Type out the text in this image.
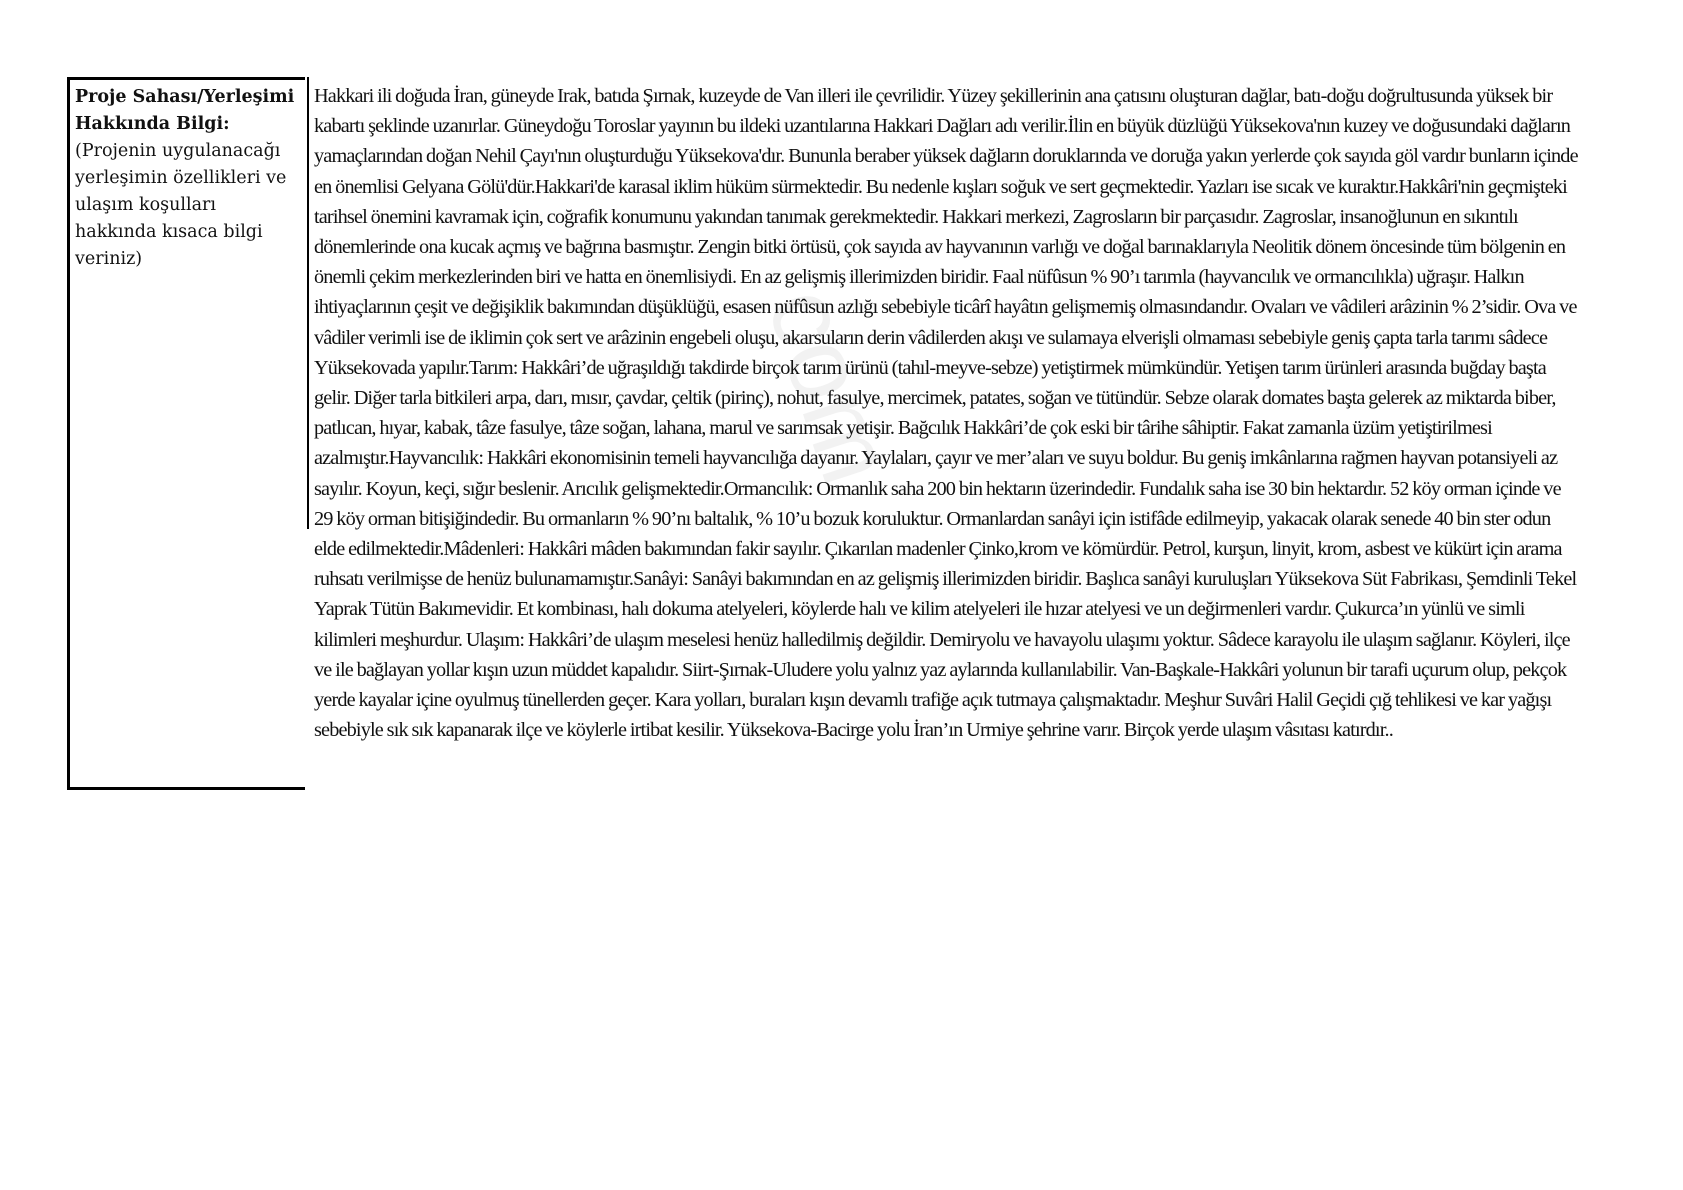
Proje Sahası/Yerleşimi Hakkında Bilgi:

(Projenin uygulanacağı yerleşimin özellikleri ve ulaşım koşulları hakkında kısaca bilgi veriniz)

Hakkari ili doğuda İran, güneyde Irak, batıda Şırnak, kuzeyde de Van illeri ile çevrilidir. Yüzey şekillerinin ana çatısını oluşturan dağlar, batı-doğu doğrultusunda yüksek bir kabartı şeklinde uzanırlar. Güneydoğu Toroslar yayının bu ildeki uzantılarına Hakkari Dağları adı verilir.İlin en büyük düzlüğü Yüksekova'nın kuzey ve doğusundaki dağların yamaçlarından doğan Nehil Çayı'nın oluşturduğu Yüksekova'dır. Bununla beraber yüksek dağların doruklarında ve doruğa yakın yerlerde çok sayıda göl vardır bunların içinde en önemlisi Gelyana Gölü'dür.Hakkari'de karasal iklim hüküm sürmektedir. Bu nedenle kışları soğuk ve sert geçmektedir. Yazları ise sıcak ve kuraktır.Hakkâri'nin geçmişteki tarihsel önemini kavramak için, coğrafik konumunu yakından tanımak gerekmektedir. Hakkari merkezi, Zagrosların bir parçasıdır. Zagroslar, insanoğlunun en sıkıntılı dönemlerinde ona kucak açmış ve bağrına basmıştır. Zengin bitki örtüsü, çok sayıda av hayvanının varlığı ve doğal barınaklarıyla Neolitik dönem öncesinde tüm bölgenin en önemli çekim merkezlerinden biri ve hatta en önemlisiydi. En az gelişmiş illerimizden biridir. Faal nüfûsun % 90’ı tarımla (hayvancılık ve ormancılıkla) uğraşır. Halkın ihtiyaçlarının çeşit ve değişiklik bakımından düşüklüğü, esasen nüfûsun azlığı sebebiyle ticârî hayâtın gelişmemiş olmasındandır. Ovaları ve vâdileri arâzinin % 2’sidir. Ova ve vâdiler verimli ise de iklimin çok sert ve arâzinin engebeli oluşu, akarsuların derin vâdilerden akışı ve sulamaya elverişli olmaması sebebiyle geniş çapta tarla tarımı sâdece Yüksekovada yapılır.Tarım: Hakkâri’de uğraşıldığı takdirde birçok tarım ürünü (tahıl-meyve-sebze) yetiştirmek mümkündür. Yetişen tarım ürünleri arasında buğday başta gelir. Diğer tarla bitkileri arpa, darı, mısır, çavdar, çeltik (pirinç), nohut, fasulye, mercimek, patates, soğan ve tütündür. Sebze olarak domates başta gelerek az miktarda biber, patlıcan, hıyar, kabak, tâze fasulye, tâze soğan, lahana, marul ve sarımsak yetişir. Bağcılık Hakkâri’de çok eski bir târihe sâhiptir. Fakat zamanla üzüm yetiştirilmesi azalmıştır.Hayvancılık: Hakkâri ekonomisinin temeli hayvancılığa dayanır. Yaylaları, çayır ve mer’aları ve suyu boldur. Bu geniş imkânlarına rağmen hayvan potansiyeli az sayılır. Koyun, keçi, sığır beslenir. Arıcılık gelişmektedir.Ormancılık: Ormanlık saha 200 bin hektarın üzerindedir. Fundalık saha ise 30 bin hektardır. 52 köy orman içinde ve 29 köy orman bitişiğindedir. Bu ormanların % 90’nı baltalık, % 10’u bozuk koruluktur. Ormanlardan sanâyi için istifâde edilmeyip, yakacak olarak senede 40 bin ster odun elde edilmektedir.Mâdenleri: Hakkâri mâden bakımından fakir sayılır. Çıkarılan madenler Çinko,krom ve kömürdür. Petrol, kurşun, linyit, krom, asbest ve kükürt için arama ruhsatı verilmişse de henüz bulunamamıştır.Sanâyi: Sanâyi bakımından en az gelişmiş illerimizden biridir. Başlıca sanâyi kuruluşları Yüksekova Süt Fabrikası, Şemdinli Tekel Yaprak Tütün Bakımevidir. Et kombinası, halı dokuma atelyeleri, köylerde halı ve kilim atelyeleri ile hızar atelyesi ve un değirmenleri vardır. Çukurca’ın yünlü ve simli kilimleri meşhurdur. Ulaşım: Hakkâri’de ulaşım meselesi henüz halledilmiş değildir. Demiryolu ve havayolu ulaşımı yoktur. Sâdece karayolu ile ulaşım sağlanır. Köyleri, ilçe ve ile bağlayan yollar kışın uzun müddet kapalıdır. Siirt-Şırnak-Uludere yolu yalnız yaz aylarında kullanılabilir. Van-Başkale-Hakkâri yolunun bir tarafi uçurum olup, pekçok yerde kayalar içine oyulmuş tünellerden geçer. Kara yolları, buraları kışın devamlı trafiğe açık tutmaya çalışmaktadır. Meşhur Suvâri Halil Geçidi çığ tehlikesi ve kar yağışı sebebiyle sık sık kapanarak ilçe ve köylerle irtibat kesilir. Yüksekova-Bacirge yolu İran’ın Urmiye şehrine varır. Birçok yerde ulaşım vâsıtası katırdır..

com
